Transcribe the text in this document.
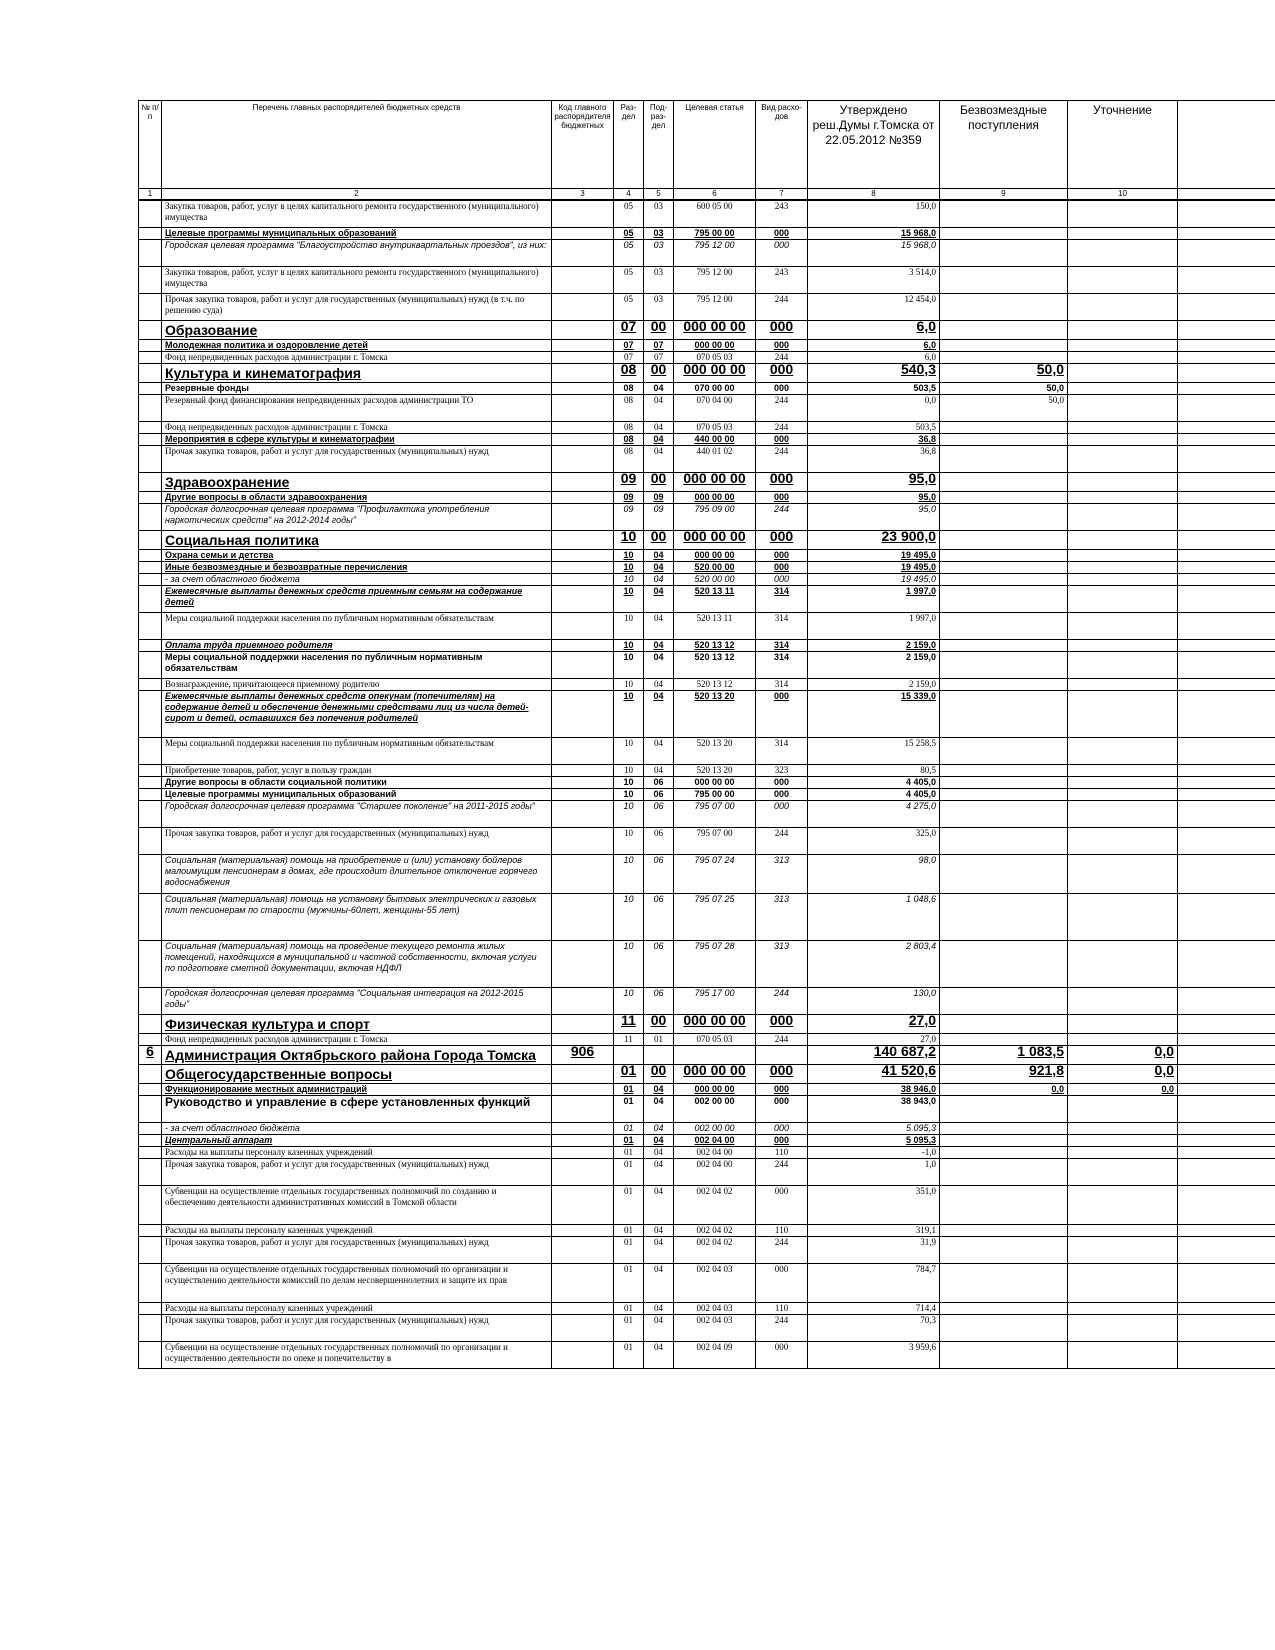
№ п/п	Перечень главных распорядителей бюджетных средств	Код главного распорядителя бюджетных	Раз-дел	Под-раз-дел	Целевая статья	Вид расхо-дов	Утверждено реш.Думы г.Томска от 22.05.2012 №359	Безвозмездные поступления	Уточнение	
1	2	3	4	5	6	7	8	9	10	
	Закупка товаров, работ, услуг в целях капитального ремонта государственного (муниципального) имущества		05	03	600 05 00	243	150,0			
	Целевые программы муниципальных образований		05	03	795 00 00	000	15 968,0			
	Городская целевая программа "Благоустройство внутриквартальных проездов", из них:		05	03	795 12 00	000	15 968,0			
	Закупка товаров, работ, услуг в целях капитального ремонта государственного (муниципального) имущества		05	03	795 12 00	243	3 514,0			
	Прочая закупка товаров, работ и услуг для государственных (муниципальных) нужд (в т.ч. по решению суда)		05	03	795 12 00	244	12 454,0			
	Образование		07	00	000 00 00	000	6,0			
	Молодежная политика и оздоровление детей		07	07	000 00 00	000	6,0			
	Фонд непредвиденных расходов администрации г. Томска		07	07	070 05 03	244	6,0			
	Культура и кинематография		08	00	000 00 00	000	540,3	50,0		
	Резервные фонды		08	04	070 00 00	000	503,5	50,0		
	Резервный фонд финансирования непредвиденных расходов администрации ТО		08	04	070 04 00	244	0,0	50,0		
	Фонд непредвиденных расходов администрации г. Томска		08	04	070 05 03	244	503,5			
	Мероприятия в сфере культуры и кинематографии		08	04	440 00 00	000	36,8			
	Прочая закупка товаров, работ и услуг для государственных (муниципальных) нужд		08	04	440 01 02	244	36,8			
	Здравоохранение		09	00	000 00 00	000	95,0			
	Другие вопросы в области здравоохранения		09	09	000 00 00	000	95,0			
	Городская долгосрочная целевая программа "Профилактика употребления наркотических средств" на 2012-2014 годы"		09	09	795 09 00	244	95,0			
	Социальная политика		10	00	000 00 00	000	23 900,0			
	Охрана семьи и детства		10	04	000 00 00	000	19 495,0			
	Иные безвозмездные и безвозвратные перечисления		10	04	520 00 00	000	19 495,0			
	- за счет областного бюджета		10	04	520 00 00	000	19 495,0			
	Ежемесячные выплаты денежных средств приемным семьям на содержание детей		10	04	520 13 11	314	1 997,0			
	Меры социальной поддержки населения по публичным нормативным обязательствам		10	04	520 13 11	314	1 997,0			
	Оплата труда приемного родителя		10	04	520 13 12	314	2 159,0			
	Меры социальной поддержки населения по публичным нормативным обязательствам		10	04	520 13 12	314	2 159,0			
	Вознаграждение, причитающееся приемному родителю		10	04	520 13 12	314	2 159,0			
	Ежемесячные выплаты денежных средств опекунам (попечителям) на содержание детей и обеспечение денежными средствами лиц из числа детей-сирот и детей, оставшихся без попечения родителей		10	04	520 13 20	000	15 339,0			
	Меры социальной поддержки населения по публичным нормативным обязательствам		10	04	520 13 20	314	15 258,5			
	Приобретение товаров, работ, услуг в пользу граждан		10	04	520 13 20	323	80,5			
	Другие вопросы в области социальной политики		10	06	000 00 00	000	4 405,0			
	Целевые программы муниципальных образований		10	06	795 00 00	000	4 405,0			
	Городская долгосрочная целевая программа "Старшее поколение" на 2011-2015 годы"		10	06	795 07 00	000	4 275,0			
	Прочая закупка товаров, работ и услуг для государственных (муниципальных) нужд		10	06	795 07 00	244	325,0			
	Социальная (материальная) помощь на приобретение и (или) установку бойлеров малоимущим пенсионерам в домах, где происходит длительное отключение горячего водоснабжения		10	06	795 07 24	313	98,0			
	Социальная (материальная) помощь на установку бытовых электрических и газовых плит пенсионерам по старости (мужчины-60лет, женщины-55 лет)		10	06	795 07 25	313	1 048,6			
	Социальная (материальная) помощь на проведение текущего ремонта жилых помещений, находящихся в муниципальной и частной собственности, включая услуги по подготовке сметной документации, включая НДФЛ		10	06	795 07 28	313	2 803,4			
	Городская долгосрочная целевая программа "Социальная интеграция на 2012-2015 годы"		10	06	795 17 00	244	130,0			
	Физическая культура и спорт		11	00	000 00 00	000	27,0			
	Фонд непредвиденных расходов администрации г. Томска		11	01	070 05 03	244	27,0			
6	Администрация Октябрьского района Города Томска	906					140 687,2	1 083,5	0,0	
	Общегосударственные вопросы		01	00	000 00 00	000	41 520,6	921,8	0,0	
	Функционирование местных администраций		01	04	000 00 00	000	38 946,0	0,0	0,0	
	Руководство и управление в сфере установленных функций		01	04	002 00 00	000	38 943,0			
	- за счет областного бюджета		01	04	002 00 00	000	5 095,3			
	Центральный аппарат		01	04	002 04 00	000	5 095,3			
	Расходы на выплаты персоналу казенных учреждений		01	04	002 04 00	110	-1,0			
	Прочая закупка товаров, работ и услуг для государственных (муниципальных) нужд		01	04	002 04 00	244	1,0			
	Субвенции на осуществление отдельных государственных полномочий по созданию и обеспечению деятельности административных комиссий в Томской области		01	04	002 04 02	000	351,0			
	Расходы на выплаты персоналу казенных учреждений		01	04	002 04 02	110	319,1			
	Прочая закупка товаров, работ и услуг для государственных (муниципальных) нужд		01	04	002 04 02	244	31,9			
	Субвенции на осуществление отдельных государственных полномочий по организации и осуществлению деятельности комиссий по делам несовершеннолетних и защите их прав		01	04	002 04 03	000	784,7			
	Расходы на выплаты персоналу казенных учреждений		01	04	002 04 03	110	714,4			
	Прочая закупка товаров, работ и услуг для государственных (муниципальных) нужд		01	04	002 04 03	244	70,3			
	Субвенции на осуществление отдельных государственных полномочий по организации и осуществлению деятельности по опеке и попечительству в		01	04	002 04 09	000	3 959,6			
